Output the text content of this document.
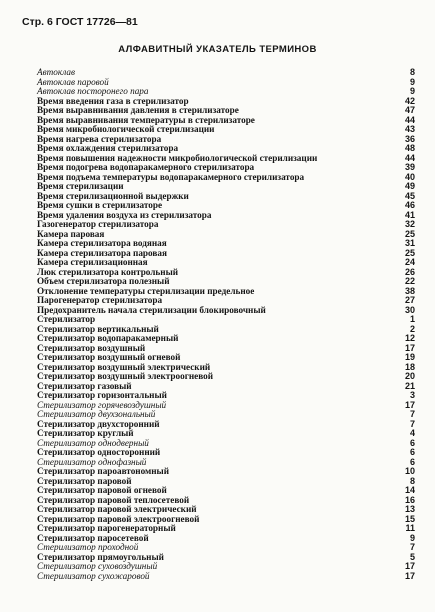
Стр. 6 ГОСТ 17726—81
АЛФАВИТНЫЙ УКАЗАТЕЛЬ ТЕРМИНОВ
Автоклав	8
Автоклав паровой	9
Автоклав посторонего пара	9
Время введения газа в стерилизатор	42
Время выравнивания давления в стерилизаторе	47
Время выравнивания температуры в стерилизаторе	44
Время микробиологической стерилизации	43
Время нагрева стерилизатора	36
Время охлаждения стерилизатора	48
Время повышения надежности микробиологической стерилизации	44
Время подогрева водопаракамерного стерилизатора	39
Время подъема температуры водопаракамерного стерилизатора	40
Время стерилизации	49
Время стерилизационной выдержки	45
Время сушки в стерилизаторе	46
Время удаления воздуха из стерилизатора	41
Газогенератор стерилизатора	32
Камера паровая	25
Камера стерилизатора водяная	31
Камера стерилизатора паровая	25
Камера стерилизационная	24
Люк стерилизатора контрольный	26
Объем стерилизатора полезный	22
Отклонение температуры стерилизации предельное	38
Парогенератор стерилизатора	27
Предохранитель начала стерилизации блокировочный	30
Стерилизатор	1
Стерилизатор вертикальный	2
Стерилизатор водопаракамерный	12
Стерилизатор воздушный	17
Стерилизатор воздушный огневой	19
Стерилизатор воздушный электрический	18
Стерилизатор воздушный электроогневой	20
Стерилизатор газовый	21
Стерилизатор горизонтальный	3
Стерилизатор горячевоздушный	17
Стерилизатор двухзональный	7
Стерилизатор двухсторонний	7
Стерилизатор круглый	4
Стерилизатор однодверный	6
Стерилизатор односторонний	6
Стерилизатор однофазный	6
Стерилизатор пароавтономный	10
Стерилизатор паровой	8
Стерилизатор паровой огневой	14
Стерилизатор паровой теплосетевой	16
Стерилизатор паровой электрический	13
Стерилизатор паровой электроогневой	15
Стерилизатор парогенераторный	11
Стерилизатор паросетевой	9
Стерилизатор проходной	7
Стерилизатор прямоугольный	5
Стерилизатор суховоздушный	17
Стерилизатор сухожаровой	17
